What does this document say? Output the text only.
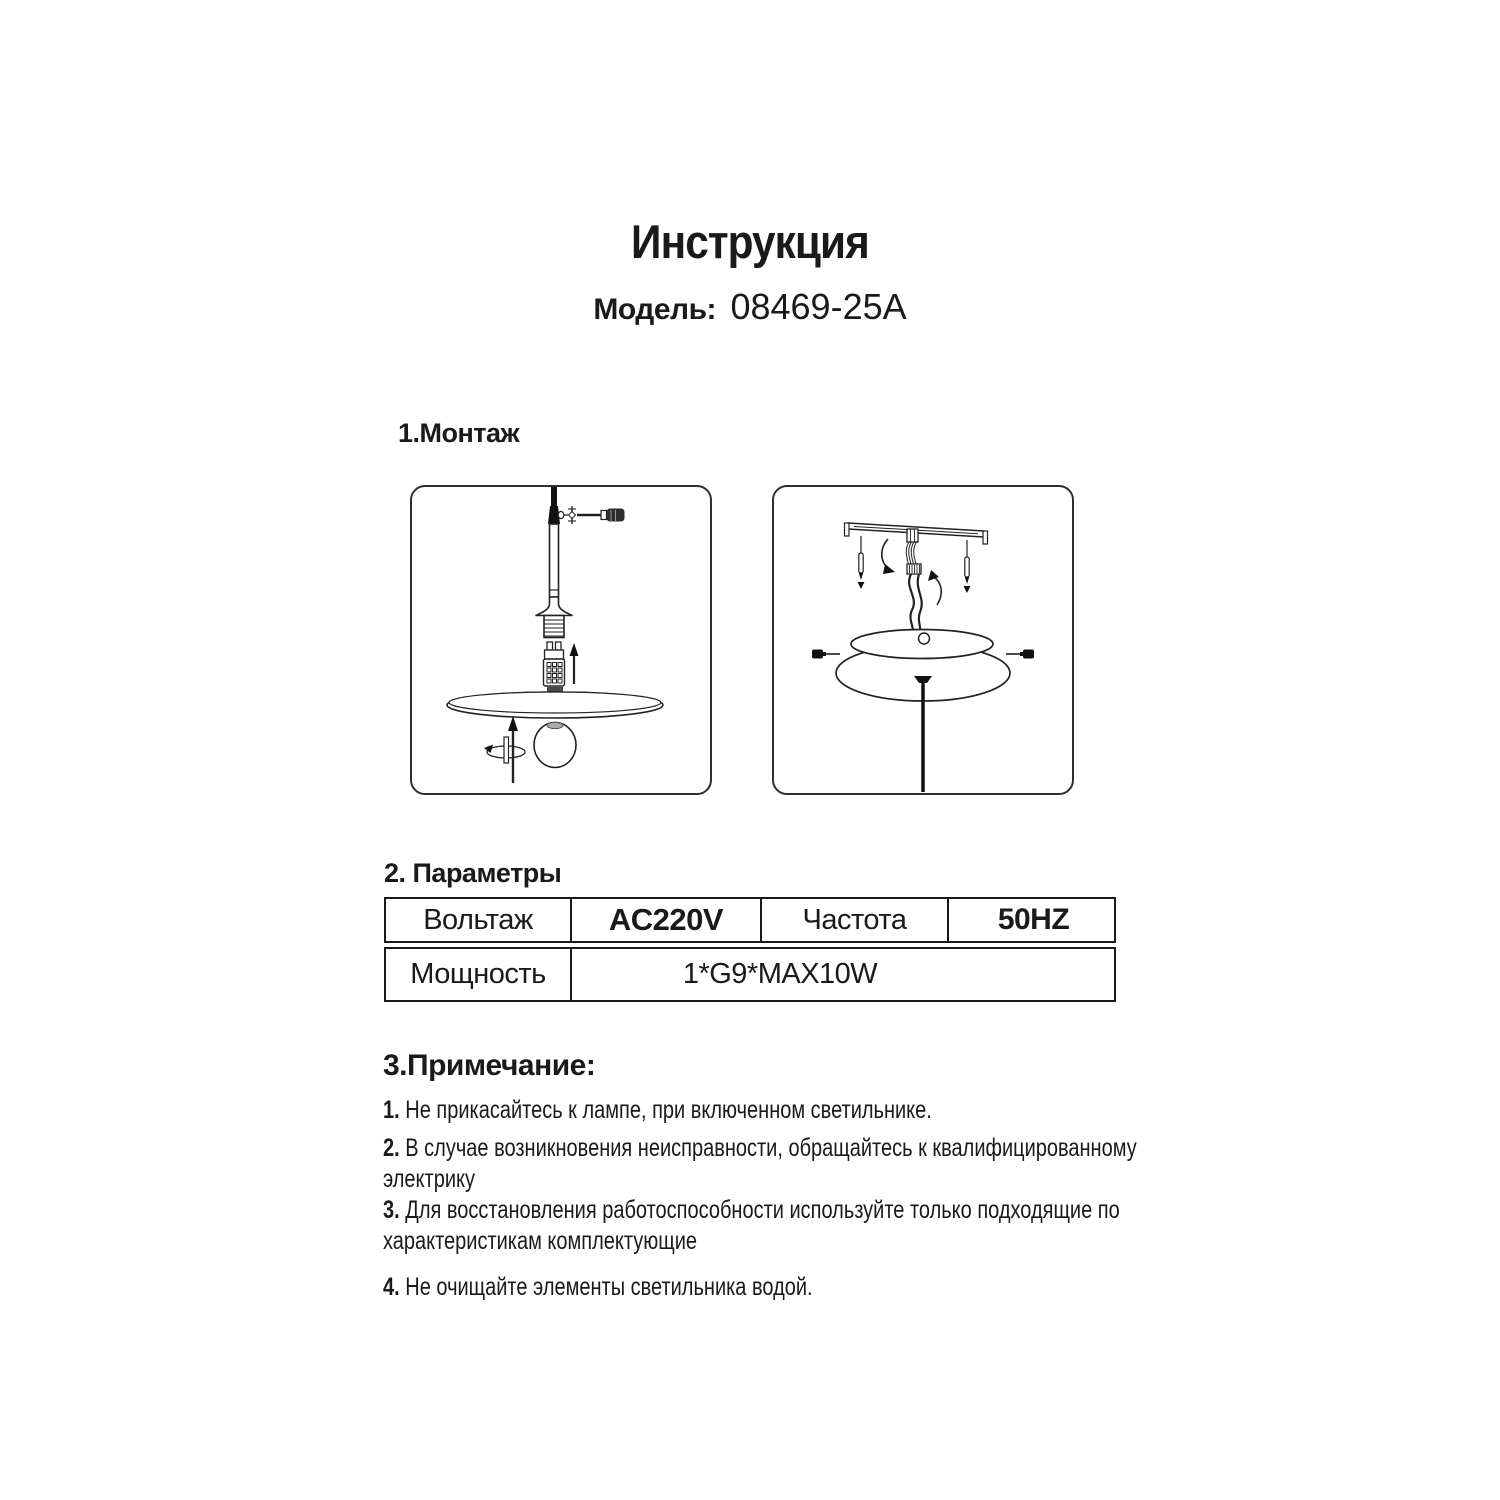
Инструкция
Модель: 08469-25A
1.Монтаж
2. Параметры
Вольтаж	AC220V	Частота	50HZ
Мощность	1*G9*MAX10W
3.Примечание:
1. Не прикасайтесь к лампе, при включенном светильнике.
2. В случае возникновения неисправности, обращайтесь к квалифицированному
электрику
3. Для восстановления работоспособности используйте только подходящие по
характеристикам комплектующие
4. Не очищайте элементы светильника водой.
